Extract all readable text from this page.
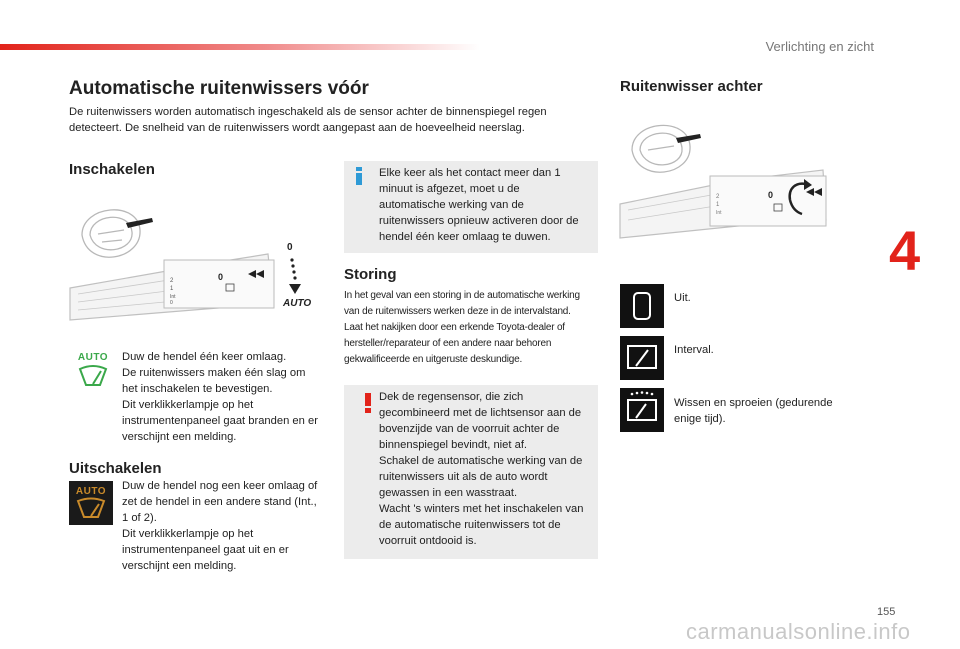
Verlichting en zicht
Automatische ruitenwissers vóór
De ruitenwissers worden automatisch ingeschakeld als de sensor achter de binnenspiegel regen detecteert. De snelheid van de ruitenwissers wordt aangepast aan de hoeveelheid neerslag.
Inschakelen
2
1
Int
0
0
0
AUTO
AUTO Duw de hendel één keer omlaag.
De ruitenwissers maken één slag om het inschakelen te bevestigen.
Dit verklikkerlampje op het instrumentenpaneel gaat branden en er verschijnt een melding.
Uitschakelen
AUTO	Duw de hendel nog een keer omlaag of zet de hendel in een andere stand (Int., 1 of 2).
Dit verklikkerlampje op het instrumentenpaneel gaat uit en er verschijnt een melding.
Elke keer als het contact meer dan 1 minuut is afgezet, moet u de automatische werking van de ruitenwissers opnieuw activeren door de hendel één keer omlaag te duwen.
Storing
In het geval van een storing in de automatische werking van de ruitenwissers werken deze in de intervalstand.
Laat het nakijken door een erkende Toyota-dealer of hersteller/reparateur of een andere naar behoren gekwalificeerde en uitgeruste deskundige.
Dek de regensensor, die zich gecombineerd met de lichtsensor aan de bovenzijde van de voorruit achter de binnenspiegel bevindt, niet af.
Schakel de automatische werking van de ruitenwissers uit als de auto wordt gewassen in een wasstraat.
Wacht 's winters met het inschakelen van de automatische ruitenwissers tot de voorruit ontdooid is.
Ruitenwisser achter
2
1
Int
0
Uit.
Interval.
Wissen en sproeien (gedurende enige tijd).
4
155
carmanualsonline.info
